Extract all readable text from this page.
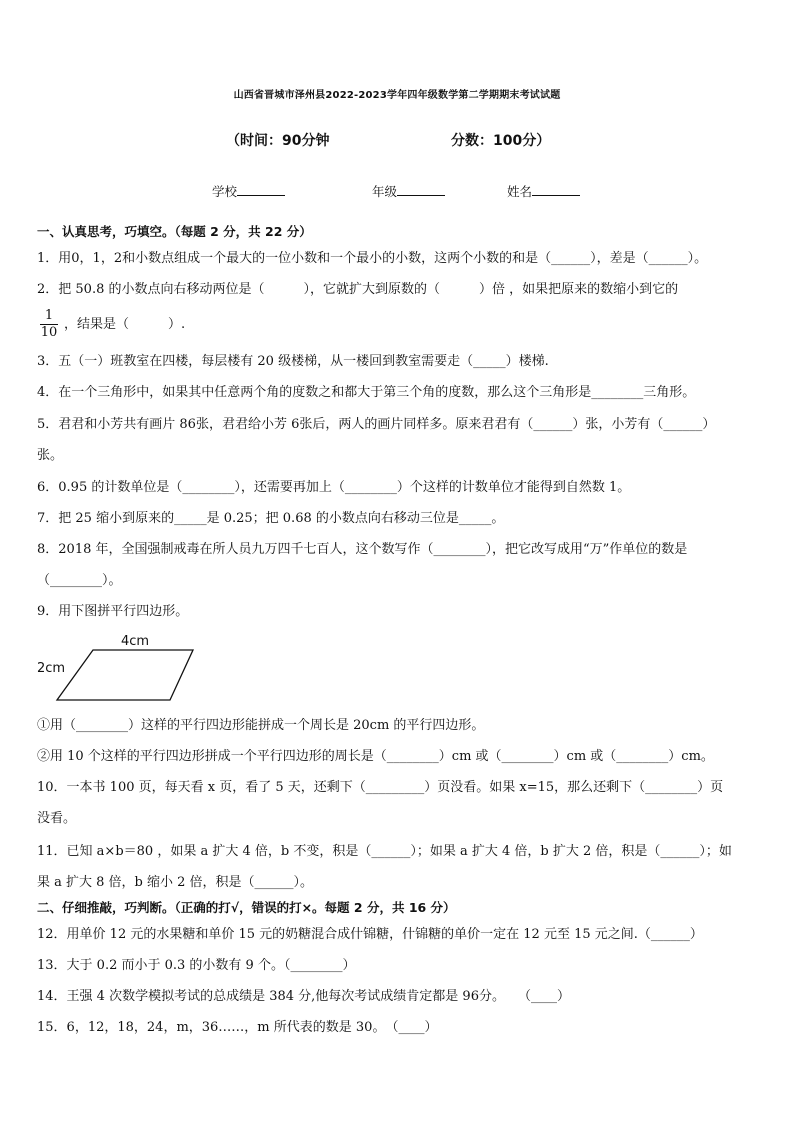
山西省晋城市泽州县2022-2023学年四年级数学第二学期期末考试试题
（时间：90分钟	分数：100分）
学校	年级	姓名
一、认真思考，巧填空。（每题 2 分，共 22 分）
1．用0，1，2和小数点组成一个最大的一位小数和一个最小的小数，这两个小数的和是（______），差是（______）。
2．把 50.8 的小数点向右移动两位是（　　　），它就扩大到原数的（　　　）倍 ，如果把原来的数缩小到它的
$\frac{1}{10}$ ，结果是（　　　）.
3．五（一）班教室在四楼，每层楼有 20 级楼梯，从一楼回到教室需要走（_____）楼梯.
4．在一个三角形中，如果其中任意两个角的度数之和都大于第三个角的度数，那么这个三角形是________三角形。
5．君君和小芳共有画片 86张，君君给小芳 6张后，两人的画片同样多。原来君君有（______）张，小芳有（______）
张。
6．0.95 的计数单位是（________），还需要再加上（________）个这样的计数单位才能得到自然数 1。
7．把 25 缩小到原来的_____是 0.25；把 0.68 的小数点向右移动三位是_____。
8．2018 年，全国强制戒毒在所人员九万四千七百人，这个数写作（________），把它改写成用“万”作单位的数是
（________）。
9．用下图拼平行四边形。
4cm
2cm
①用（________）这样的平行四边形能拼成一个周长是 20cm 的平行四边形。
②用 10 个这样的平行四边形拼成一个平行四边形的周长是（________）cm 或（________）cm 或（________）cm。
10．一本书 100 页，每天看 x 页，看了 5 天，还剩下（_________）页没看。如果 x=15，那么还剩下（________）页
没看。
11．已知 a×b＝80 ，如果 a 扩大 4 倍，b 不变，积是（______）；如果 a 扩大 4 倍，b 扩大 2 倍，积是（______）；如
果 a 扩大 8 倍，b 缩小 2 倍，积是（______）。
二、仔细推敲，巧判断。（正确的打√，错误的打×。每题 2 分，共 16 分）
12．用单价 12 元的水果糖和单价 15 元的奶糖混合成什锦糖，什锦糖的单价一定在 12 元至 15 元之间.（______）
13．大于 0.2 而小于 0.3 的小数有 9 个。（________）
14．王强 4 次数学模拟考试的总成绩是 384 分,他每次考试成绩肯定都是 96分。　　（____）
15．6，12，18，24，m，36……，m 所代表的数是 30。　（____）
